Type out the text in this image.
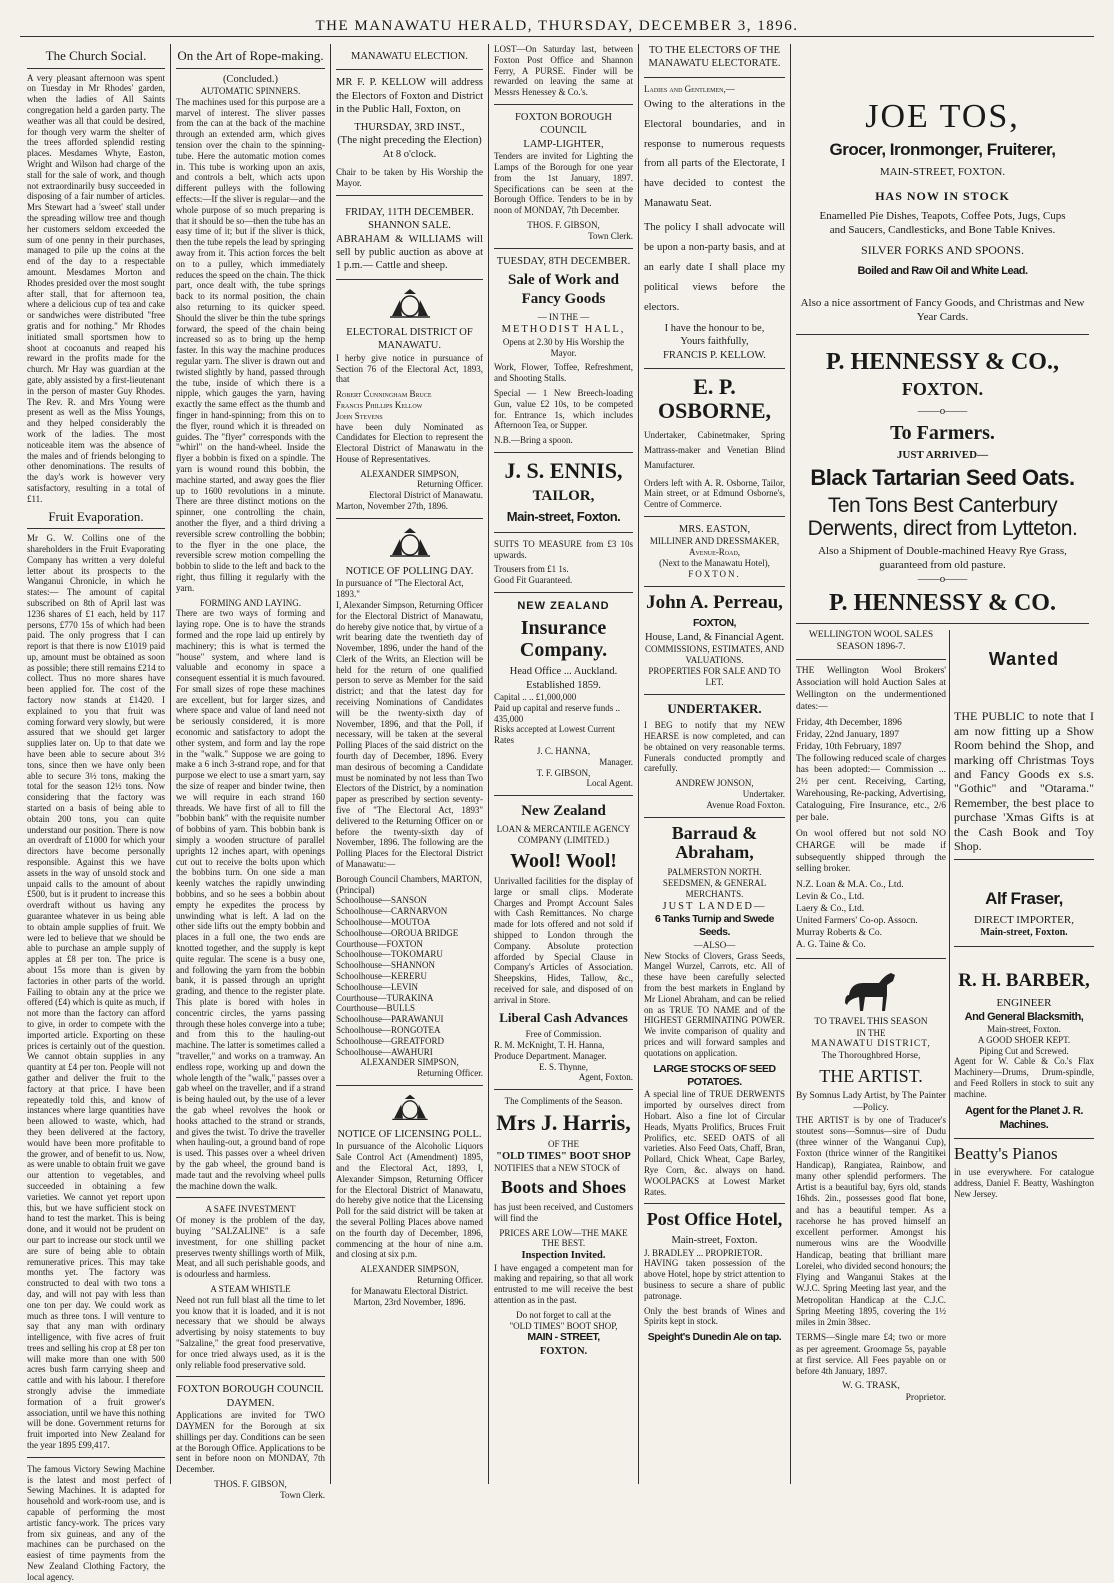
THE MANAWATU HERALD, THURSDAY, DECEMBER 3, 1896.
The Church Social.

A very pleasant afternoon was spent on Tuesday in Mr Rhodes' garden, when the ladies of All Saints congregation held a garden party. The weather was all that could be desired, for though very warm the shelter of the trees afforded splendid resting places. Mesdames Whyte, Easton, Wright and Wilson had charge of the stall for the sale of work, and though not extraordinarily busy succeeded in disposing of a fair number of articles. Mrs Stewart had a 'sweet' stall under the spreading willow tree and though her customers seldom exceeded the sum of one penny in their purchases, managed to pile up the coins at the end of the day to a respectable amount. Mesdames Morton and Rhodes presided over the most sought after stall, that for afternoon tea, where a delicious cup of tea and cake or sandwiches were distributed "free gratis and for nothing." Mr Rhodes initiated small sportsmen how to shoot at cocoanuts and reaped his reward in the profits made for the church. Mr Hay was guardian at the gate, ably assisted by a first-lieutenant in the person of master Guy Rhodes. The Rev. R. and Mrs Young were present as well as the Miss Youngs, and they helped considerably the work of the ladies. The most noticeable item was the absence of the males and of friends belonging to other denominations. The results of the day's work is however very satisfactory, resulting in a total of £11.

Fruit Evaporation.

Mr G. W. Collins one of the shareholders in the Fruit Evaporating Company has written a very doleful letter about its prospects to the Wanganui Chronicle, in which he states:— The amount of capital subscribed on 8th of April last was 1236 shares of £1 each, held by 117 persons, £770 15s of which had been paid. The only progress that I can report is that there is now £1019 paid up, amount must be obtained as soon as possible; there still remains £214 to collect. Thus no more shares have been applied for. The cost of the factory now stands at £1420. I explained to you that fruit was coming forward very slowly, but were assured that we should get larger supplies later on. Up to that date we have been able to secure about 3½ tons, since then we have only been able to secure 3½ tons, making the total for the season 12½ tons. Now considering that the factory was started on a basis of being able to obtain 200 tons, you can quite understand our position. There is now an overdraft of £1000 for which your directors have become personally responsible. Against this we have assets in the way of unsold stock and unpaid calls to the amount of about £500, but is it prudent to increase this overdraft without us having any guarantee whatever in us being able to obtain ample supplies of fruit. We were led to believe that we should be able to purchase an ample supply of apples at £8 per ton. The price is about 15s more than is given by factories in other parts of the world. Failing to obtain any at the price we offered (£4) which is quite as much, if not more than the factory can afford to give, in order to compete with the imported article. Exporting on these prices is certainly out of the question. We cannot obtain supplies in any quantity at £4 per ton. People will not gather and deliver the fruit to the factory at that price. I have been repeatedly told this, and know of instances where large quantities have been allowed to waste, which, had they been delivered at the factory, would have been more profitable to the grower, and of benefit to us. Now, as were unable to obtain fruit we gave our attention to vegetables, and succeeded in obtaining a few varieties. We cannot yet report upon this, but we have sufficient stock on hand to test the market. This is being done, and it would not be prudent on our part to increase our stock until we are sure of being able to obtain remunerative prices. This may take months yet. The factory was constructed to deal with two tons a day, and will not pay with less than one ton per day. We could work as much as three tons. I will venture to say that any man with ordinary intelligence, with five acres of fruit trees and selling his crop at £8 per ton will make more than one with 500 acres bush farm carrying sheep and cattle and with his labour. I therefore strongly advise the immediate formation of a fruit grower's association, until we have this nothing will be done. Government returns for fruit imported into New Zealand for the year 1895 £99,417.

The famous Victory Sewing Machine is the latest and most perfect of Sewing Machines. It is adapted for household and work-room use, and is capable of performing the most artistic fancy-work. The prices vary from six guineas, and any of the machines can be purchased on the easiest of time payments from the New Zealand Clothing Factory, the local agency.

On the Art of Rope-making.
(Concluded.)
AUTOMATIC SPINNERS.

The machines used for this purpose are a marvel of interest. The sliver passes from the can at the back of the machine through an extended arm, which gives tension over the chain to the spinning-tube. Here the automatic motion comes in. This tube is working upon an axis, and controls a belt, which acts upon different pulleys with the following effects:—If the sliver is regular—and the whole purpose of so much preparing is that it should be so—then the tube has an easy time of it; but if the sliver is thick, then the tube repels the lead by springing away from it. This action forces the belt on to a pulley, which immediately reduces the speed on the chain. The thick part, once dealt with, the tube springs back to its normal position, the chain also returning to its quicker speed. Should the sliver be thin the tube springs forward, the speed of the chain being increased so as to bring up the hemp faster. In this way the machine produces regular yarn. The sliver is drawn out and twisted slightly by hand, passed through the tube, inside of which there is a nipple, which gauges the yarn, having exactly the same effect as the thumb and finger in hand-spinning; from this on to the flyer, round which it is threaded on guides. The "flyer" corresponds with the "whirl" on the hand-wheel. Inside the flyer a bobbin is fixed on a spindle. The yarn is wound round this bobbin, the machine started, and away goes the flier up to 1600 revolutions in a minute. There are three distinct motions on the spinner, one controlling the chain, another the flyer, and a third driving a reversible screw controlling the bobbin; to the flyer in the one place, the reversible screw motion compelling the bobbin to slide to the left and back to the right, thus filling it regularly with the yarn.

FORMING AND LAYING.

There are two ways of forming and laying rope. One is to have the strands formed and the rope laid up entirely by machinery; this is what is termed the "house" system, and where land is valuable and economy in space a consequent essential it is much favoured. For small sizes of rope these machines are excellent, but for larger sizes, and where space and value of land need not be seriously considered, it is more economic and satisfactory to adopt the other system, and form and lay the rope in the "walk." Suppose we are going to make a 6 inch 3-strand rope, and for that purpose we elect to use a smart yarn, say the size of reaper and binder twine, then we will require in each strand 160 threads. We have first of all to fill the "bobbin bank" with the requisite number of bobbins of yarn. This bobbin bank is simply a wooden structure of parallel uprights 12 inches apart, with openings cut out to receive the bolts upon which the bobbins turn. On one side a man keenly watches the rapidly unwinding bobbins, and so he sees a bobbin about empty he expedites the process by unwinding what is left. A lad on the other side lifts out the empty bobbin and places in a full one, the two ends are knotted together, and the supply is kept quite regular. The scene is a busy one, and following the yarn from the bobbin bank, it is passed through an upright grading, and thence to the register plate. This plate is bored with holes in concentric circles, the yarns passing through these holes converge into a tube; and from this to the hauling-out machine. The latter is sometimes called a "traveller," and works on a tramway. An endless rope, working up and down the whole length of the "walk," passes over a gab wheel on the traveller, and if a strand is being hauled out, by the use of a lever the gab wheel revolves the hook or hooks attached to the strand or strands, and gives the twist. To drive the traveller when hauling-out, a ground band of rope is used. This passes over a wheel driven by the gab wheel, the ground band is made taut and the revolving wheel pulls the machine down the walk.

A SAFE INVESTMENT

Of money is the problem of the day, buying "SALZALINE" is a safe investment, for one shilling packet preserves twenty shillings worth of Milk, Meat, and all such perishable goods, and is odourless and harmless.

A STEAM WHISTLE

Need not run full blast all the time to let you know that it is loaded, and it is not necessary that we should be always advertising by noisy statements to buy "Salzaline," the great food preservative, for once tried always used, as it is the only reliable food preservative sold.

FOXTON BOROUGH COUNCIL
DAYMEN.

Applications are invited for TWO DAYMEN for the Borough at six shillings per day. Conditions can be seen at the Borough Office. Applications to be sent in before noon on MONDAY, 7th December.

THOS. F. GIBSON,
Town Clerk.
MANAWATU ELECTION.

MR F. P. KELLOW will address the Electors of Foxton and District in the Public Hall, Foxton, on

THURSDAY, 3RD INST.,
(The night preceding the Election) At 8 o'clock.

Chair to be taken by His Worship the Mayor.

FRIDAY, 11TH DECEMBER.
SHANNON SALE.

ABRAHAM & WILLIAMS will sell by public auction as above at 1 p.m.— Cattle and sheep.

ELECTORAL DISTRICT OF MANAWATU.

I herby give notice in pursuance of Section 76 of the Electoral Act, 1893, that

Robert Cunningham Bruce
Francis Phillips Kellow
John Stevens

have been duly Nominated as Candidates for Election to represent the Electoral District of Manawatu in the House of Representatives.

ALEXANDER SIMPSON,
Returning Officer.
Electoral District of Manawatu.
Marton, November 27th, 1896.
NOTICE OF POLLING DAY.
In pursuance of "The Electoral Act, 1893."

I, Alexander Simpson, Returning Officer for the Electoral District of Manawatu, do hereby give notice that, by virtue of a writ bearing date the twentieth day of November, 1896, under the hand of the Clerk of the Writs, an Election will be held for the return of one qualified person to serve as Member for the said district; and that the latest day for receiving Nominations of Candidates will be the twenty-sixth day of November, 1896, and that the Poll, if necessary, will be taken at the several Polling Places of the said district on the fourth day of December, 1896. Every man desirous of becoming a Candidate must be nominated by not less than Two Electors of the District, by a nomination paper as prescribed by section seventy-five of "The Electoral Act, 1893" delivered to the Returning Officer on or before the twenty-sixth day of November, 1896. The following are the Polling Places for the Electoral District of Manawatu:—

Borough Council Chambers, MARTON, (Principal)
Schoolhouse—SANSON
Schoolhouse—CARNARVON
Schoolhouse—MOUTOA
Schoolhouse—OROUA BRIDGE
Courthouse—FOXTON
Schoolhouse—TOKOMARU
Schoolhouse—SHANNON
Schoolhouse—KERERU
Schoolhouse—LEVIN
Courthouse—TURAKINA
Courthouse—BULLS
Schoolhouse—PARAWANUI
Schoolhouse—RONGOTEA
Schoolhouse—GREATFORD
Schoolhouse—AWAHURI
ALEXANDER SIMPSON,
Returning Officer.
NOTICE OF LICENSING POLL.

In pursuance of the Alcoholic Liquors Sale Control Act (Amendment) 1895, and the Electoral Act, 1893, I, Alexander Simpson, Returning Officer for the Electoral District of Manawatu, do hereby give notice that the Licensing Poll for the said district will be taken at the several Polling Places above named on the fourth day of December, 1896, commencing at the hour of nine a.m. and closing at six p.m.

ALEXANDER SIMPSON,
Returning Officer.
for Manawatu Electoral District.
Marton, 23rd November, 1896.

LOST—On Saturday last, between Foxton Post Office and Shannon Ferry, A PURSE. Finder will be rewarded on leaving the same at Messrs Henessey & Co.'s.

FOXTON BOROUGH COUNCIL
LAMP-LIGHTER,

Tenders are invited for Lighting the Lamps of the Borough for one year from the 1st January, 1897. Specifications can be seen at the Borough Office. Tenders to be in by noon of MONDAY, 7th December.

THOS. F. GIBSON,
Town Clerk.
TUESDAY, 8TH DECEMBER.
Sale of Work and Fancy Goods
— IN THE —
METHODIST HALL,

Opens at 2.30 by His Worship the Mayor.

Work, Flower, Toffee, Refreshment, and Shooting Stalls.

Special — 1 New Breech-loading Gun, value £2 10s, to be competed for. Entrance 1s, which includes Afternoon Tea, or Supper.

N.B.—Bring a spoon.
J. S. ENNIS,
TAILOR,
Main-street, Foxton.

SUITS TO MEASURE from £3 10s upwards.

Trousers from £1 1s.
Good Fit Guaranteed.
NEW ZEALAND
Insurance Company.
Head Office ... Auckland.
Established 1859.
Capital .. .. £1,000,000
Paid up capital and reserve funds .. 435,000
Risks accepted at Lowest Current Rates
J. C. HANNA,
Manager.
T. F. GIBSON,
Local Agent.
New Zealand
LOAN & MERCANTILE AGENCY COMPANY (LIMITED.)
Wool! Wool!

Unrivalled facilities for the display of large or small clips. Moderate Charges and Prompt Account Sales with Cash Remittances. No charge made for lots offered and not sold if shipped to London through the Company. Absolute protection afforded by Special Clause in Company's Articles of Association. Sheepskins, Hides, Tallow, &c., received for sale, and disposed of on arrival in Store.

Liberal Cash Advances
Free of Commission.
R. M. McKnight, T. H. Hanna,
Produce Department. Manager.
E. S. Thynne,
Agent, Foxton.
The Compliments of the Season.
Mrs J. Harris,
OF THE
"OLD TIMES" BOOT SHOP

NOTIFIES that a NEW STOCK of

Boots and Shoes

has just been received, and Customers will find the

PRICES ARE LOW—THE MAKE THE BEST.
Inspection Invited.

I have engaged a competent man for making and repairing, so that all work entrusted to me will receive the best attention as in the past.

Do not forget to call at the
"OLD TIMES" BOOT SHOP,
MAIN - STREET,
FOXTON.
TO THE ELECTORS OF THE MANAWATU ELECTORATE.
Ladies and Gentlemen,—

Owing to the alterations in the Electoral boundaries, and in response to numerous requests from all parts of the Electorate, I have decided to contest the Manawatu Seat.

The policy I shall advocate will be upon a non-party basis, and at an early date I shall place my political views before the electors.

I have the honour to be,
Yours faithfully,
FRANCIS P. KELLOW.
E. P. OSBORNE,

Undertaker, Cabinetmaker, Spring Mattrass-maker and Venetian Blind Manufacturer.

Orders left with A. R. Osborne, Tailor, Main street, or at Edmund Osborne's, Centre of Commerce.

MRS. EASTON,
MILLINER AND DRESSMAKER,
Avenue-Road,
(Next to the Manawatu Hotel),
FOXTON.
John A. Perreau,
FOXTON,
House, Land, & Financial Agent.
COMMISSIONS, ESTIMATES, AND VALUATIONS.
PROPERTIES FOR SALE AND TO LET.
UNDERTAKER.

I BEG to notify that my NEW HEARSE is now completed, and can be obtained on very reasonable terms. Funerals conducted promptly and carefully.

ANDREW JONSON,
Undertaker.
Avenue Road Foxton.
Barraud & Abraham,
PALMERSTON NORTH.
SEEDSMEN, & GENERAL MERCHANTS.
JUST LANDED—
6 Tanks Turnip and Swede Seeds.
—ALSO—

New Stocks of Clovers, Grass Seeds, Mangel Wurzel, Carrots, etc. All of these have been carefully selected from the best markets in England by Mr Lionel Abraham, and can be relied on as TRUE TO NAME and of the HIGHEST GERMINATING POWER. We invite comparison of quality and prices and will forward samples and quotations on application.

LARGE STOCKS OF SEED POTATOES.

A special line of TRUE DERWENTS imported by ourselves direct from Hobart. Also a fine lot of Circular Heads, Myatts Prolifics, Bruces Fruit Prolifics, etc. SEED OATS of all varieties. Also Feed Oats, Chaff, Bran, Pollard, Chick Wheat, Cape Barley, Rye Corn, &c. always on hand. WOOLPACKS at Lowest Market Rates.

Post Office Hotel,
Main-street, Foxton.
J. BRADLEY ... PROPRIETOR.

HAVING taken possession of the above Hotel, hope by strict attention to business to secure a share of public patronage.

Only the best brands of Wines and Spirits kept in stock.

Speight's Dunedin Ale on tap.
JOE TOS,
Grocer, Ironmonger, Fruiterer,
MAIN-STREET, FOXTON.
HAS NOW IN STOCK
Enamelled Pie Dishes, Teapots, Coffee Pots, Jugs, Cups and Saucers, Candlesticks, and Bone Table Knives.
SILVER FORKS AND SPOONS.
Boiled and Raw Oil and White Lead.
Also a nice assortment of Fancy Goods, and Christmas and New Year Cards.
P. HENNESSY & CO.,
FOXTON.
——o——
To Farmers.
JUST ARRIVED—
Black Tartarian Seed Oats.
Ten Tons Best Canterbury Derwents, direct from Lytteton.
Also a Shipment of Double-machined Heavy Rye Grass, guaranteed from old pasture.
——o——
P. HENNESSY & CO.
WELLINGTON WOOL SALES SEASON 1896-7.

THE Wellington Wool Brokers' Association will hold Auction Sales at Wellington on the undermentioned dates:—

Friday, 4th December, 1896
Friday, 22nd January, 1897
Friday, 10th February, 1897

The following reduced scale of charges has been adopted:— Commission ... 2½ per cent. Receiving, Carting, Warehousing, Re-packing, Advertising, Cataloguing, Fire Insurance, etc., 2/6 per bale.

On wool offered but not sold NO CHARGE will be made if subsequently shipped through the selling broker.

N.Z. Loan & M.A. Co., Ltd.
Levin & Co., Ltd.
Laery & Co., Ltd.
United Farmers' Co-op. Assocn.
Murray Roberts & Co.
A. G. Taine & Co.
TO TRAVEL THIS SEASON
IN THE
MANAWATU DISTRICT,
The Thoroughbred Horse,
THE ARTIST.
By Somnus Lady Artist, by The Painter—Policy.

THE ARTIST is by one of Traducer's stoutest sons—Somnus—sire of Dudu (three winner of the Wanganui Cup), Foxton (thrice winner of the Rangitikei Handicap), Rangiatea, Rainbow, and many other splendid performers. The Artist is a beautiful bay, 6yrs old, stands 16hds. 2in., possesses good flat bone, and has a beautiful temper. As a racehorse he has proved himself an excellent performer. Amongst his numerous wins are the Woodville Handicap, beating that brilliant mare Lorelei, who divided second honours; the Flying and Wanganui Stakes at the W.J.C. Spring Meeting last year, and the Metropolitan Handicap at the C.J.C. Spring Meeting 1895, covering the 1½ miles in 2min 38sec.

TERMS—Single mare £4; two or more as per agreement. Groomage 5s, payable at first service. All Fees payable on or before 4th January, 1897.

W. G. TRASK,
Proprietor.
Wanted

THE PUBLIC to note that I am now fitting up a Show Room behind the Shop, and marking off Christmas Toys and Fancy Goods ex s.s. "Gothic" and "Otarama." Remember, the best place to purchase 'Xmas Gifts is at the Cash Book and Toy Shop.

Alf Fraser,
DIRECT IMPORTER,
Main-street, Foxton.
R. H. BARBER,
ENGINEER
And General Blacksmith,
Main-street, Foxton.
A GOOD SHOER KEPT.
Piping Cut and Screwed.

Agent for W. Cable & Co.'s Flax Machinery—Drums, Drum-spindle, and Feed Rollers in stock to suit any machine.

Agent for the Planet J. R. Machines.
Beatty's Pianos

in use everywhere. For catalogue address, Daniel F. Beatty, Washington New Jersey.
